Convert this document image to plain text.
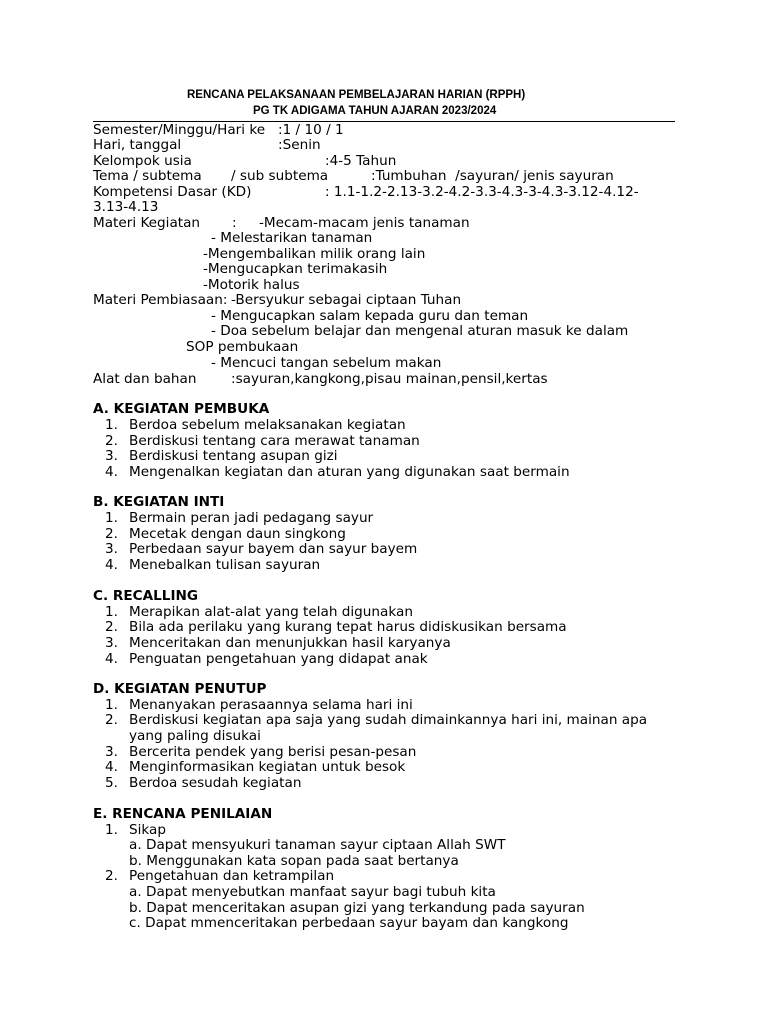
RENCANA PELAKSANAAN PEMBELAJARAN HARIAN (RPPH)
PG TK ADIGAMA TAHUN AJARAN 2023/2024
Semester/Minggu/Hari ke :1 / 10 / 1
Hari, tanggal	:Senin
Kelompok usia	:4-5 Tahun
Tema / subtema / sub subtema	:Tumbuhan  /sayuran/ jenis sayuran
Kompetensi Dasar (KD)	: 1.1-1.2-2.13-3.2-4.2-3.3-4.3-3-4.3-3.12-4.12-
3.13-4.13
Materi Kegiatan : -Mecam-macam jenis tanaman
- Melestarikan tanaman
-Mengembalikan milik orang lain
-Mengucapkan terimakasih
-Motorik halus
Materi Pembiasaan: -Bersyukur sebagai ciptaan Tuhan
- Mengucapkan salam kepada guru dan teman
- Doa sebelum belajar dan mengenal aturan masuk ke dalam
SOP pembukaan
- Mencuci tangan sebelum makan
Alat dan bahan	:sayuran,kangkong,pisau mainan,pensil,kertas
A. KEGIATAN PEMBUKA
1. Berdoa sebelum melaksanakan kegiatan
2. Berdiskusi tentang cara merawat tanaman
3. Berdiskusi tentang asupan gizi
4. Mengenalkan kegiatan dan aturan yang digunakan saat bermain
B. KEGIATAN INTI
1. Bermain peran jadi pedagang sayur
2. Mecetak dengan daun singkong
3. Perbedaan sayur bayem dan sayur bayem
4. Menebalkan tulisan sayuran
C. RECALLING
1. Merapikan alat-alat yang telah digunakan
2. Bila ada perilaku yang kurang tepat harus didiskusikan bersama
3. Menceritakan dan menunjukkan hasil karyanya
4. Penguatan pengetahuan yang didapat anak
D. KEGIATAN PENUTUP
1. Menanyakan perasaannya selama hari ini
2. Berdiskusi kegiatan apa saja yang sudah dimainkannya hari ini, mainan apa
yang paling disukai
3. Bercerita pendek yang berisi pesan-pesan
4. Menginformasikan kegiatan untuk besok
5. Berdoa sesudah kegiatan
E. RENCANA PENILAIAN
1. Sikap
a. Dapat mensyukuri tanaman sayur ciptaan Allah SWT
b. Menggunakan kata sopan pada saat bertanya
2. Pengetahuan dan ketrampilan
a. Dapat menyebutkan manfaat sayur bagi tubuh kita
b. Dapat menceritakan asupan gizi yang terkandung pada sayuran
c. Dapat mmenceritakan perbedaan sayur bayam dan kangkong
